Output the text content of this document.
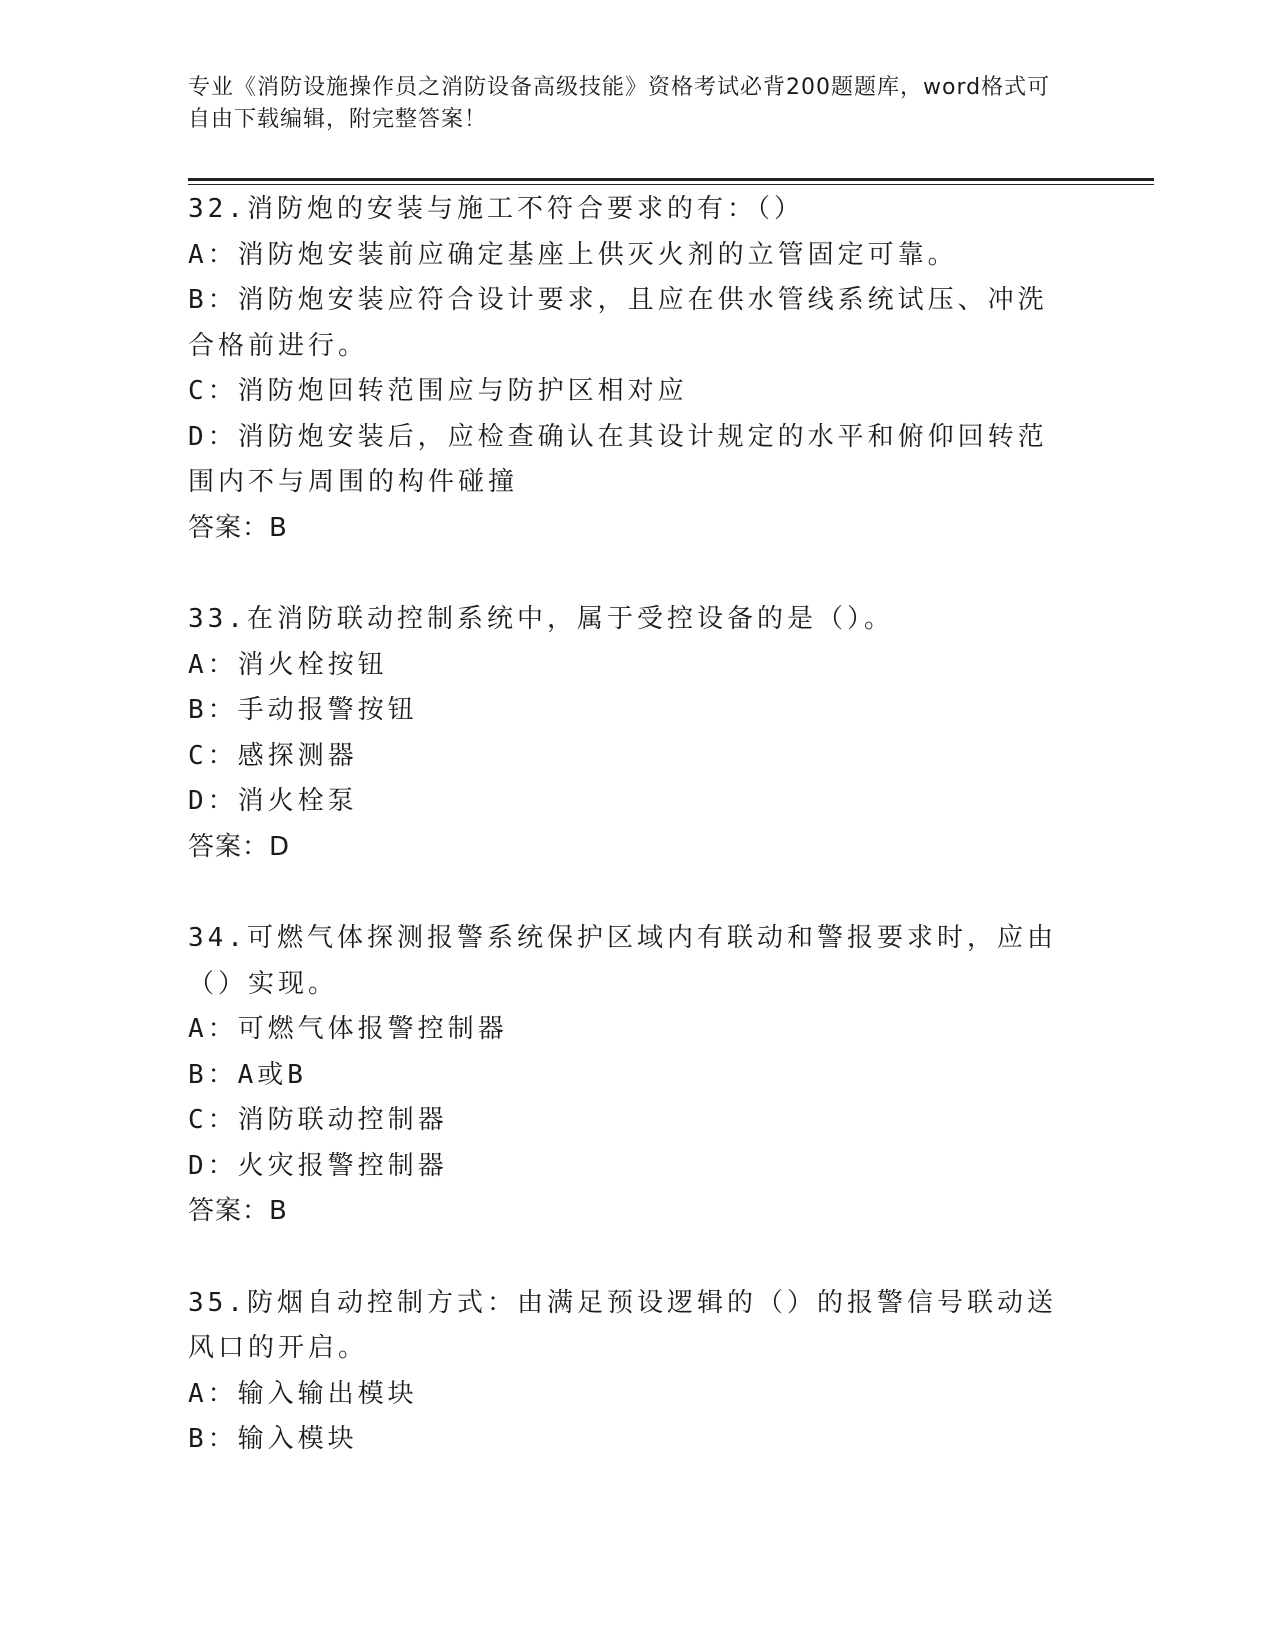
专业《消防设施操作员之消防设备高级技能》资格考试必背200题题库，word格式可自由下载编辑，附完整答案！
32.消防炮的安装与施工不符合要求的有：（）
A：消防炮安装前应确定基座上供灭火剂的立管固定可靠。
B：消防炮安装应符合设计要求，且应在供水管线系统试压、冲洗合格前进行。
C：消防炮回转范围应与防护区相对应
D：消防炮安装后，应检查确认在其设计规定的水平和俯仰回转范围内不与周围的构件碰撞
答案：B
33.在消防联动控制系统中，属于受控设备的是（）。
A：消火栓按钮
B：手动报警按钮
C：感探测器
D：消火栓泵
答案：D
34.可燃气体探测报警系统保护区域内有联动和警报要求时，应由（）实现。
A：可燃气体报警控制器
B：A或B
C：消防联动控制器
D：火灾报警控制器
答案：B
35.防烟自动控制方式：由满足预设逻辑的（）的报警信号联动送风口的开启。
A：输入输出模块
B：输入模块
